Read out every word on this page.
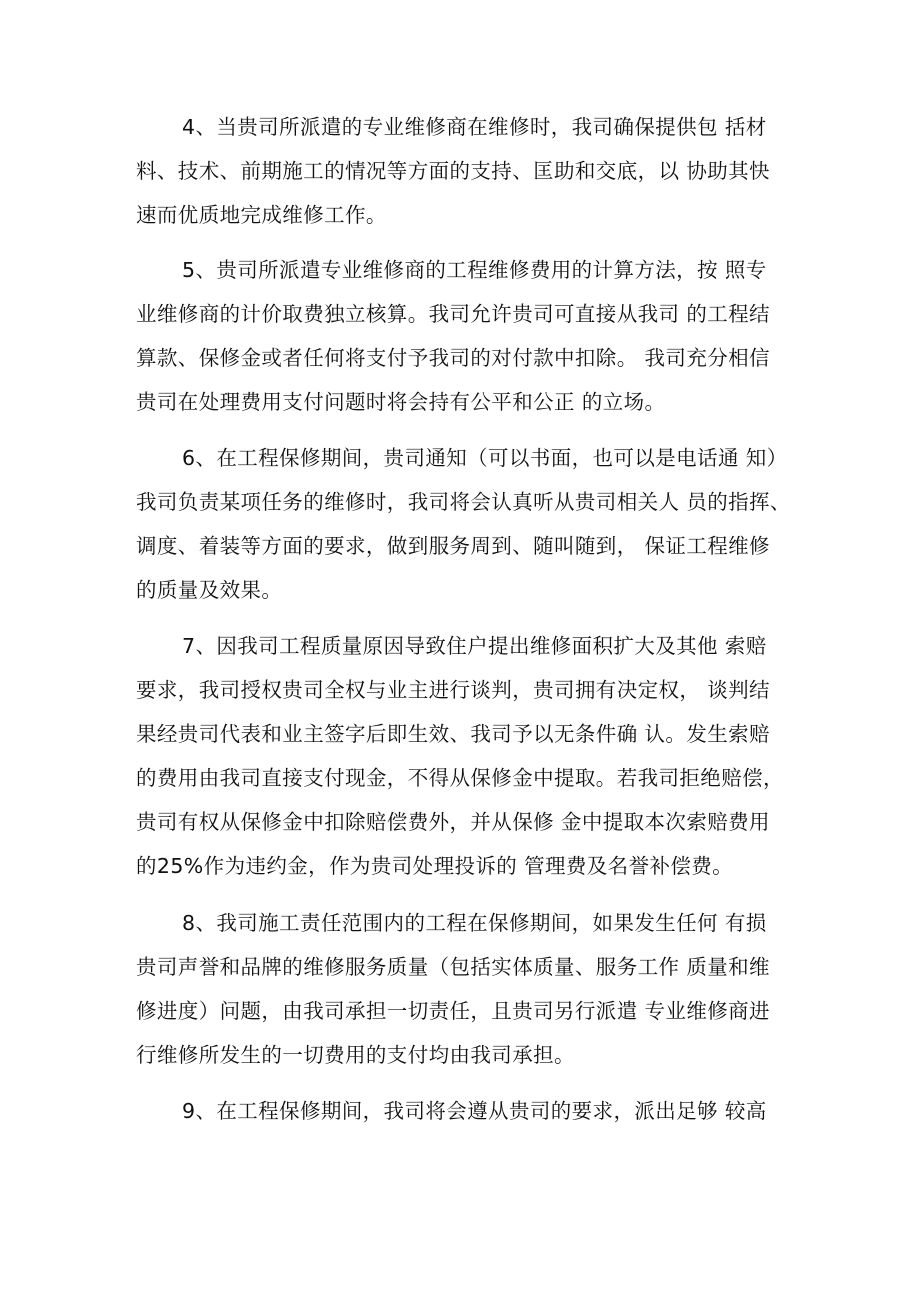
4、当贵司所派遣的专业维修商在维修时，我司确保提供包 括材
料、技术、前期施工的情况等方面的支持、匡助和交底，以 协助其快
速而优质地完成维修工作。
5、贵司所派遣专业维修商的工程维修费用的计算方法，按 照专
业维修商的计价取费独立核算。我司允许贵司可直接从我司 的工程结
算款、保修金或者任何将支付予我司的对付款中扣除。 我司充分相信
贵司在处理费用支付问题时将会持有公平和公正 的立场。
6、在工程保修期间，贵司通知（可以书面，也可以是电话通 知）
我司负责某项任务的维修时，我司将会认真听从贵司相关人 员的指挥、
调度、着装等方面的要求，做到服务周到、随叫随到， 保证工程维修
的质量及效果。
7、因我司工程质量原因导致住户提出维修面积扩大及其他 索赔
要求，我司授权贵司全权与业主进行谈判，贵司拥有决定权， 谈判结
果经贵司代表和业主签字后即生效、我司予以无条件确 认。发生索赔
的费用由我司直接支付现金，不得从保修金中提取。若我司拒绝赔偿，
贵司有权从保修金中扣除赔偿费外，并从保修 金中提取本次索赔费用
的25%作为违约金，作为贵司处理投诉的 管理费及名誉补偿费。
8、我司施工责任范围内的工程在保修期间，如果发生任何 有损
贵司声誉和品牌的维修服务质量（包括实体质量、服务工作 质量和维
修进度）问题，由我司承担一切责任，且贵司另行派遣 专业维修商进
行维修所发生的一切费用的支付均由我司承担。
9、在工程保修期间，我司将会遵从贵司的要求，派出足够 较高
